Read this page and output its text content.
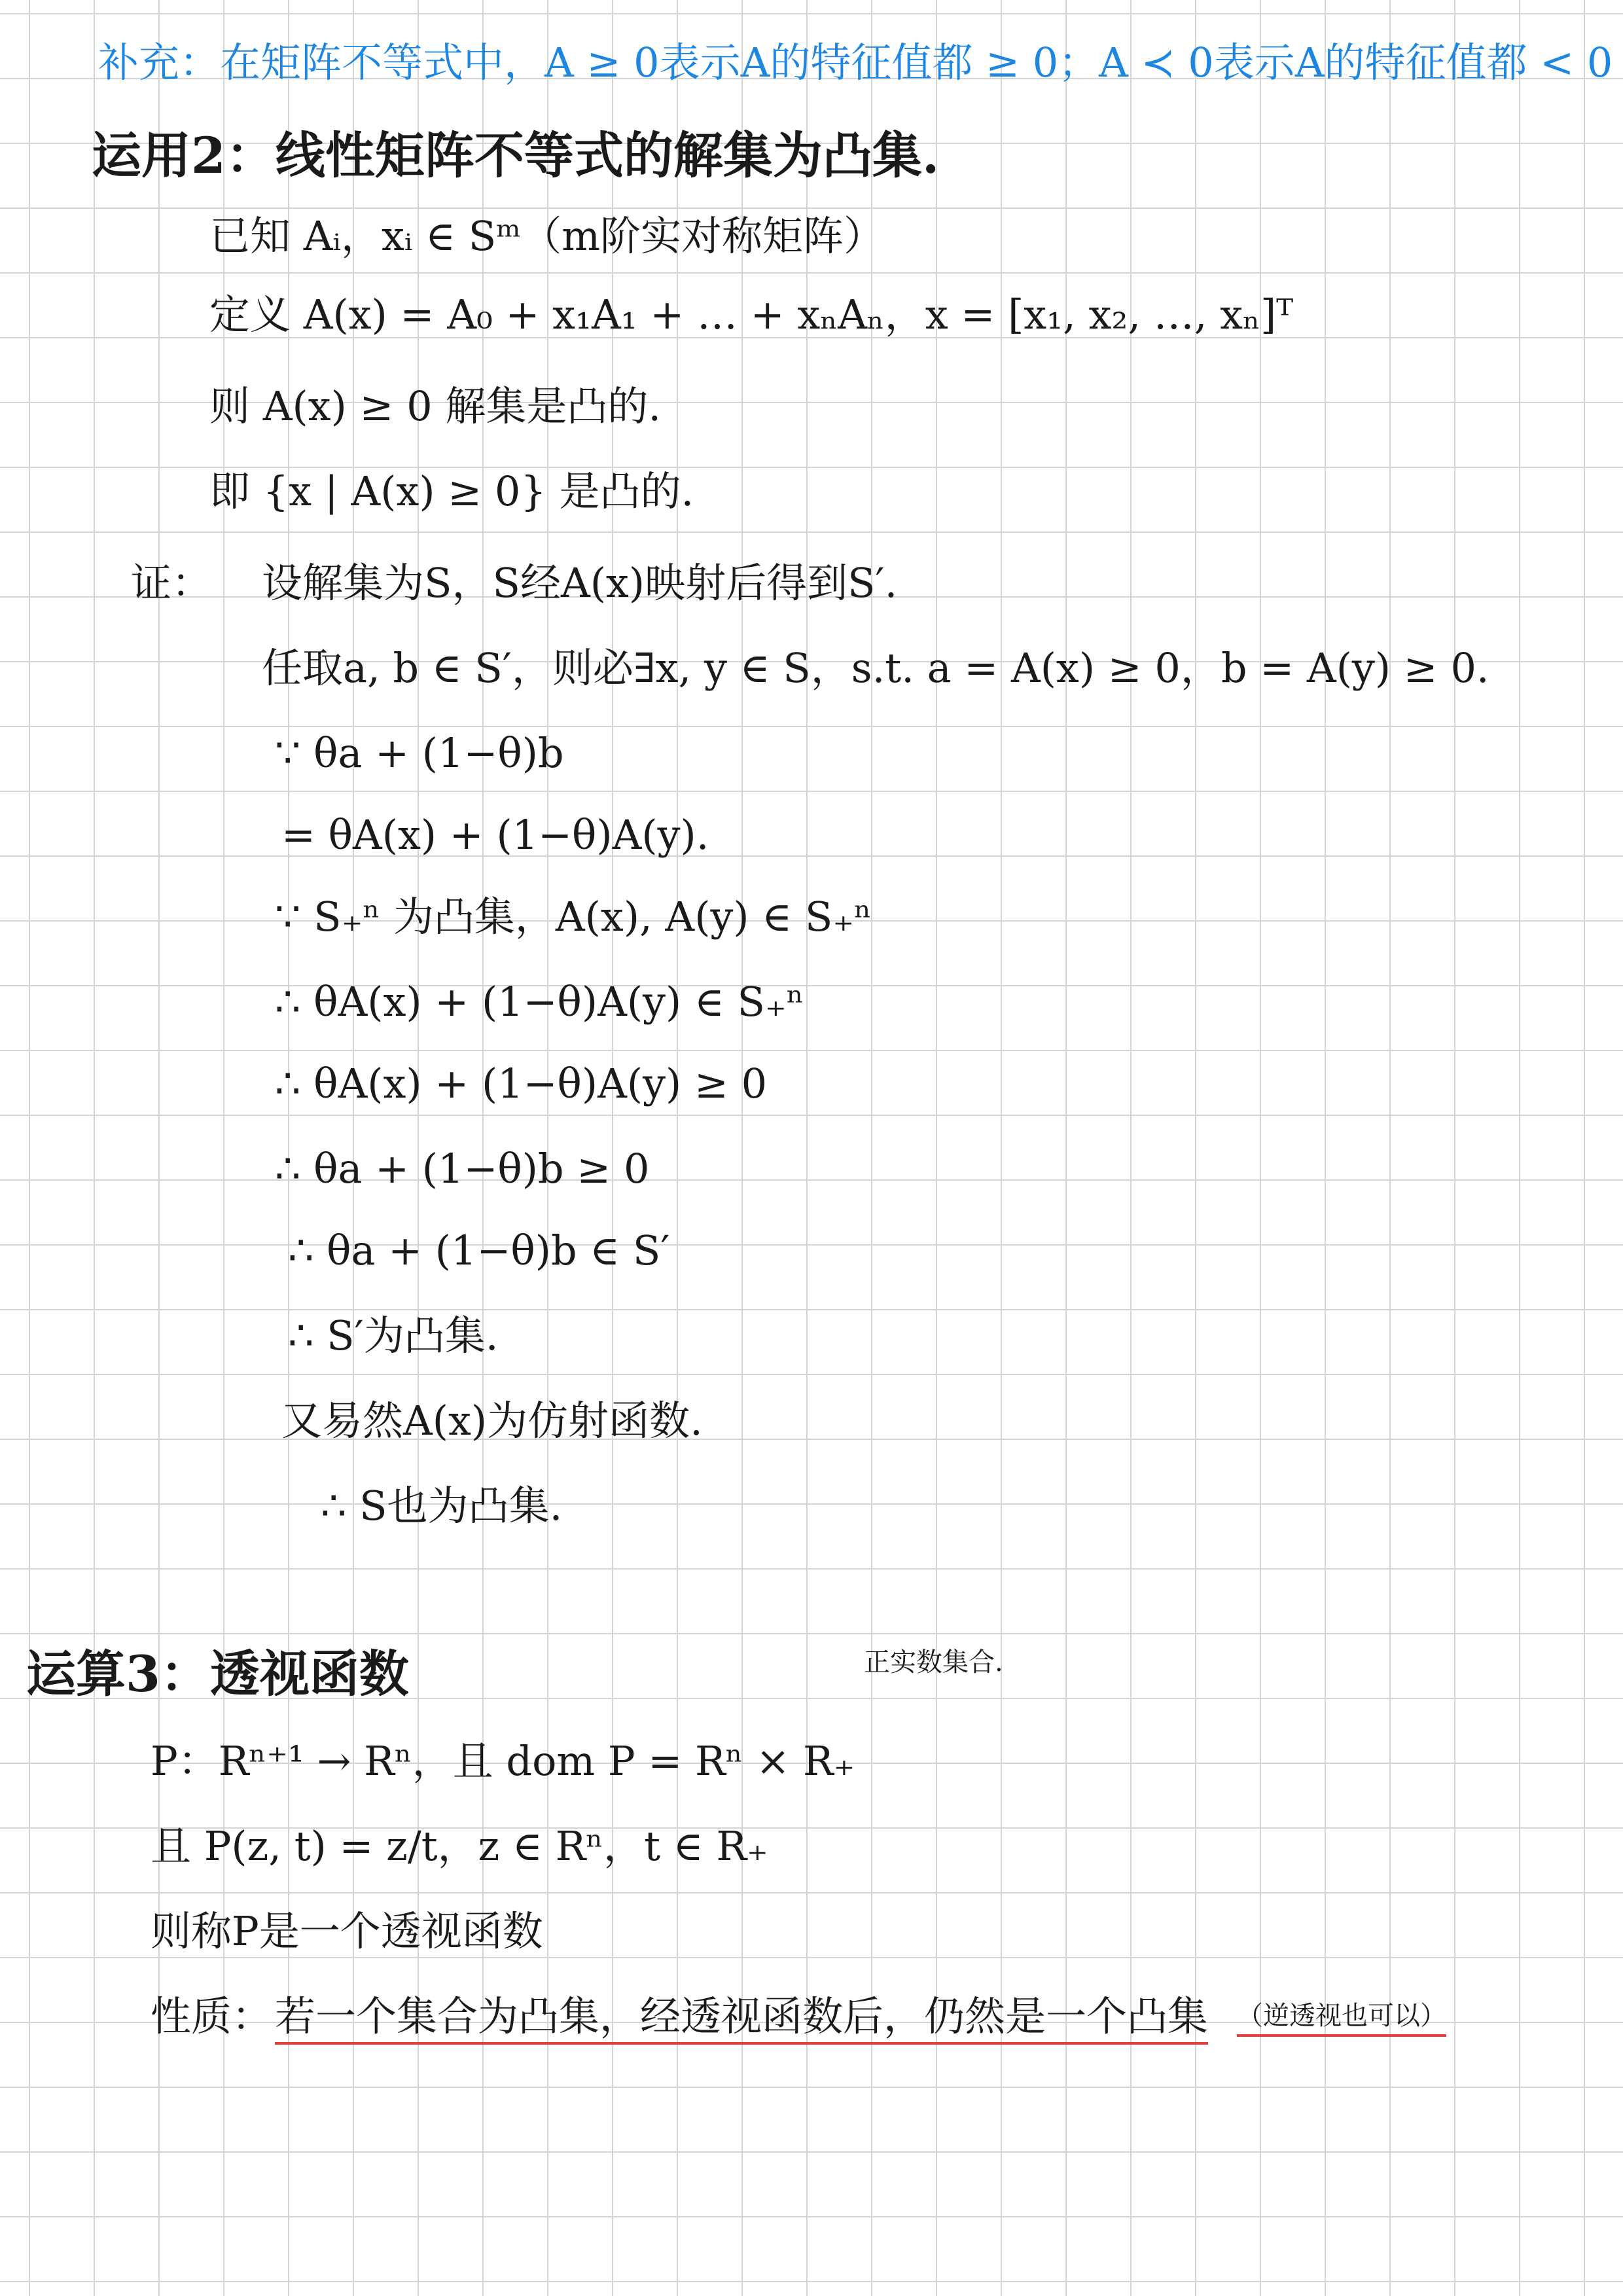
补充：在矩阵不等式中，A ≥ 0表示A的特征值都 ≥ 0；A ≺ 0表示A的特征值都 < 0
运用2：线性矩阵不等式的解集为凸集.
已知 Aᵢ，xᵢ ∈ Sᵐ（m阶实对称矩阵）
定义 A(x) = A₀ + x₁A₁ + … + xₙAₙ，x = [x₁, x₂, …, xₙ]ᵀ
则 A(x) ≥ 0 解集是凸的.
即 {x | A(x) ≥ 0} 是凸的.
证： 设解集为S，S经A(x)映射后得到S′.
任取a, b ∈ S′，则必∃x, y ∈ S，s.t. a = A(x) ≥ 0，b = A(y) ≥ 0.
∵ θa + (1−θ)b
= θA(x) + (1−θ)A(y).
∵ S₊ⁿ 为凸集，A(x), A(y) ∈ S₊ⁿ
∴ θA(x) + (1−θ)A(y) ∈ S₊ⁿ
∴ θA(x) + (1−θ)A(y) ≥ 0
∴ θa + (1−θ)b ≥ 0
∴ θa + (1−θ)b ∈ S′
∴ S′为凸集.
又易然A(x)为仿射函数.
∴ S也为凸集.
运算3：透视函数	正实数集合.
P：Rⁿ⁺¹ → Rⁿ，且 dom P = Rⁿ × R₊
且 P(z, t) = z/t，z ∈ Rⁿ，t ∈ R₊
则称P是一个透视函数
性质： 若一个集合为凸集，经透视函数后，仍然是一个凸集 （逆透视也可以）
